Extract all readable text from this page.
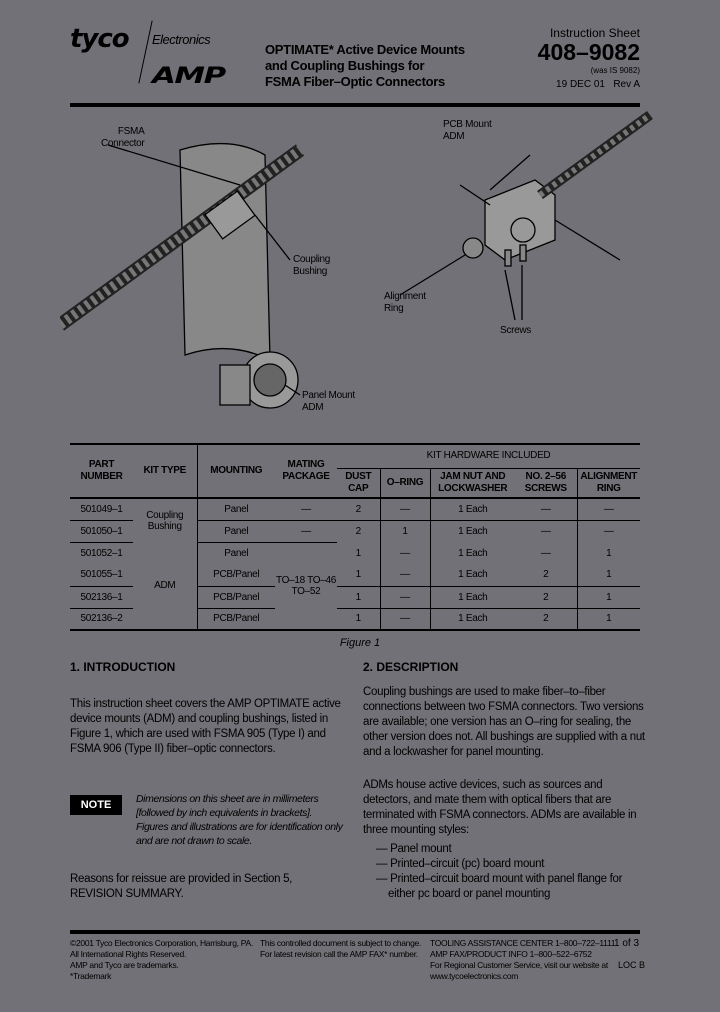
tyco Electronics
AMP
OPTIMATE* Active Device Mounts
and Coupling Bushings for
FSMA Fiber–Optic Connectors
Instruction Sheet
408–9082
(was IS 9082)
19 DEC 01 Rev A
FSMA
Connector
Coupling
Bushing
Panel Mount
ADM
PCB Mount
ADM
Alignment
Ring
Screws
PART NUMBER	KIT TYPE	MOUNTING	MATING PACKAGE	KIT HARDWARE INCLUDED				
				DUST CAP	O–RING	JAM NUT AND LOCKWASHER	NO. 2–56 SCREWS	ALIGNMENT RING
501049–1	Coupling Bushing	Panel	—	2	—	1 Each	—	—
501050–1		Panel	—	2	1	1 Each	—	—
501052–1	ADM	Panel	TO–18 TO–46 TO–52	1	—	1 Each	—	1
501055–1		PCB/Panel		1	—	1 Each	2	1
502136–1		PCB/Panel		1	—	1 Each	2	1
502136–2		PCB/Panel		1	—	1 Each	2	1
Figure 1
1. INTRODUCTION

This instruction sheet covers the AMP OPTIMATE active device mounts (ADM) and coupling bushings, listed in Figure 1, which are used with FSMA 905 (Type I) and FSMA 906 (Type II) fiber–optic connectors.

NOTE	Dimensions on this sheet are in millimeters [followed by inch equivalents in brackets]. Figures and illustrations are for identification only and are not drawn to scale.

Reasons for reissue are provided in Section 5, REVISION SUMMARY.

2. DESCRIPTION

Coupling bushings are used to make fiber–to–fiber connections between two FSMA connectors. Two versions are available; one version has an O–ring for sealing, the other version does not. All bushings are supplied with a nut and a lockwasher for panel mounting.

ADMs house active devices, such as sources and detectors, and mate them with optical fibers that are terminated with FSMA connectors. ADMs are available in three mounting styles:

— Panel mount
— Printed–circuit (pc) board mount
— Printed–circuit board mount with panel flange for either pc board or panel mounting
©2001 Tyco Electronics Corporation, Harrisburg, PA.
All International Rights Reserved.
AMP and Tyco are trademarks.
*Trademark
This controlled document is subject to change.
For latest revision call the AMP FAX* number.
TOOLING ASSISTANCE CENTER 1–800–722–1111
AMP FAX/PRODUCT INFO 1–800–522–6752
For Regional Customer Service, visit our website at
www.tycoelectronics.com
1 of 3
LOC B
